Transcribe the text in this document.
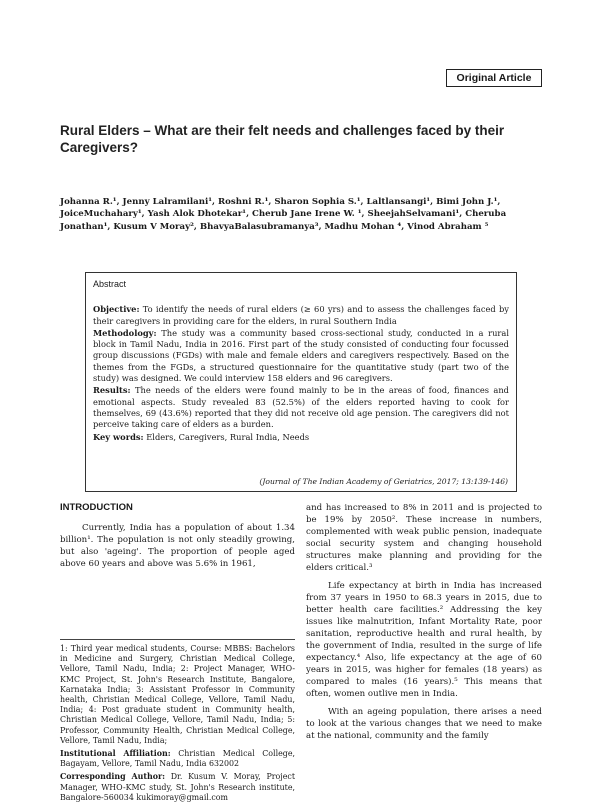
Original Article
Rural Elders – What are their felt needs and challenges faced by their Caregivers?
Johanna R.¹, Jenny Lalramilani¹, Roshni R.¹, Sharon Sophia S.¹, Laltlansangi¹, Bimi John J.¹, JoiceMuchahary¹, Yash Alok Dhotekar¹, Cherub Jane Irene W. ¹, SheejahSelvamani¹, Cheruba Jonathan¹, Kusum V Moray², BhavyaBalasubramanya³, Madhu Mohan ⁴, Vinod Abraham ⁵
Abstract

Objective: To identify the needs of rural elders (≥ 60 yrs) and to assess the challenges faced by their caregivers in providing care for the elders, in rural Southern India

Methodology: The study was a community based cross-sectional study, conducted in a rural block in Tamil Nadu, India in 2016. First part of the study consisted of conducting four focussed group discussions (FGDs) with male and female elders and caregivers respectively. Based on the themes from the FGDs, a structured questionnaire for the quantitative study (part two of the study) was designed. We could interview 158 elders and 96 caregivers.

Results: The needs of the elders were found mainly to be in the areas of food, finances and emotional aspects. Study revealed 83 (52.5%) of the elders reported having to cook for themselves, 69 (43.6%) reported that they did not receive old age pension. The caregivers did not perceive taking care of elders as a burden.

Key words: Elders, Caregivers, Rural India, Needs

(Journal of The Indian Academy of Geriatrics, 2017; 13:139-146)
INTRODUCTION

Currently, India has a population of about 1.34 billion¹. The population is not only steadily growing, but also 'ageing'. The proportion of people aged above 60 years and above was 5.6% in 1961,

1: Third year medical students, Course: MBBS: Bachelors in Medicine and Surgery, Christian Medical College, Vellore, Tamil Nadu, India; 2: Project Manager, WHO-KMC Project, St. John's Research Institute, Bangalore, Karnataka India; 3: Assistant Professor in Community health, Christian Medical College, Vellore, Tamil Nadu, India; 4: Post graduate student in Community health, Christian Medical College, Vellore, Tamil Nadu, India; 5: Professor, Community Health, Christian Medical College, Vellore, Tamil Nadu, India;

Institutional Affiliation: Christian Medical College, Bagayam, Vellore, Tamil Nadu, India 632002

Corresponding Author: Dr. Kusum V. Moray, Project Manager, WHO-KMC study, St. John's Research institute, Bangalore-560034 kukimoray@gmail.com

and has increased to 8% in 2011 and is projected to be 19% by 2050². These increase in numbers, complemented with weak public pension, inadequate social security system and changing household structures make planning and providing for the elders critical.³

Life expectancy at birth in India has increased from 37 years in 1950 to 68.3 years in 2015, due to better health care facilities.² Addressing the key issues like malnutrition, Infant Mortality Rate, poor sanitation, reproductive health and rural health, by the government of India, resulted in the surge of life expectancy.⁴ Also, life expectancy at the age of 60 years in 2015, was higher for females (18 years) as compared to males (16 years).⁵ This means that often, women outlive men in India.

With an ageing population, there arises a need to look at the various changes that we need to make at the national, community and the family
